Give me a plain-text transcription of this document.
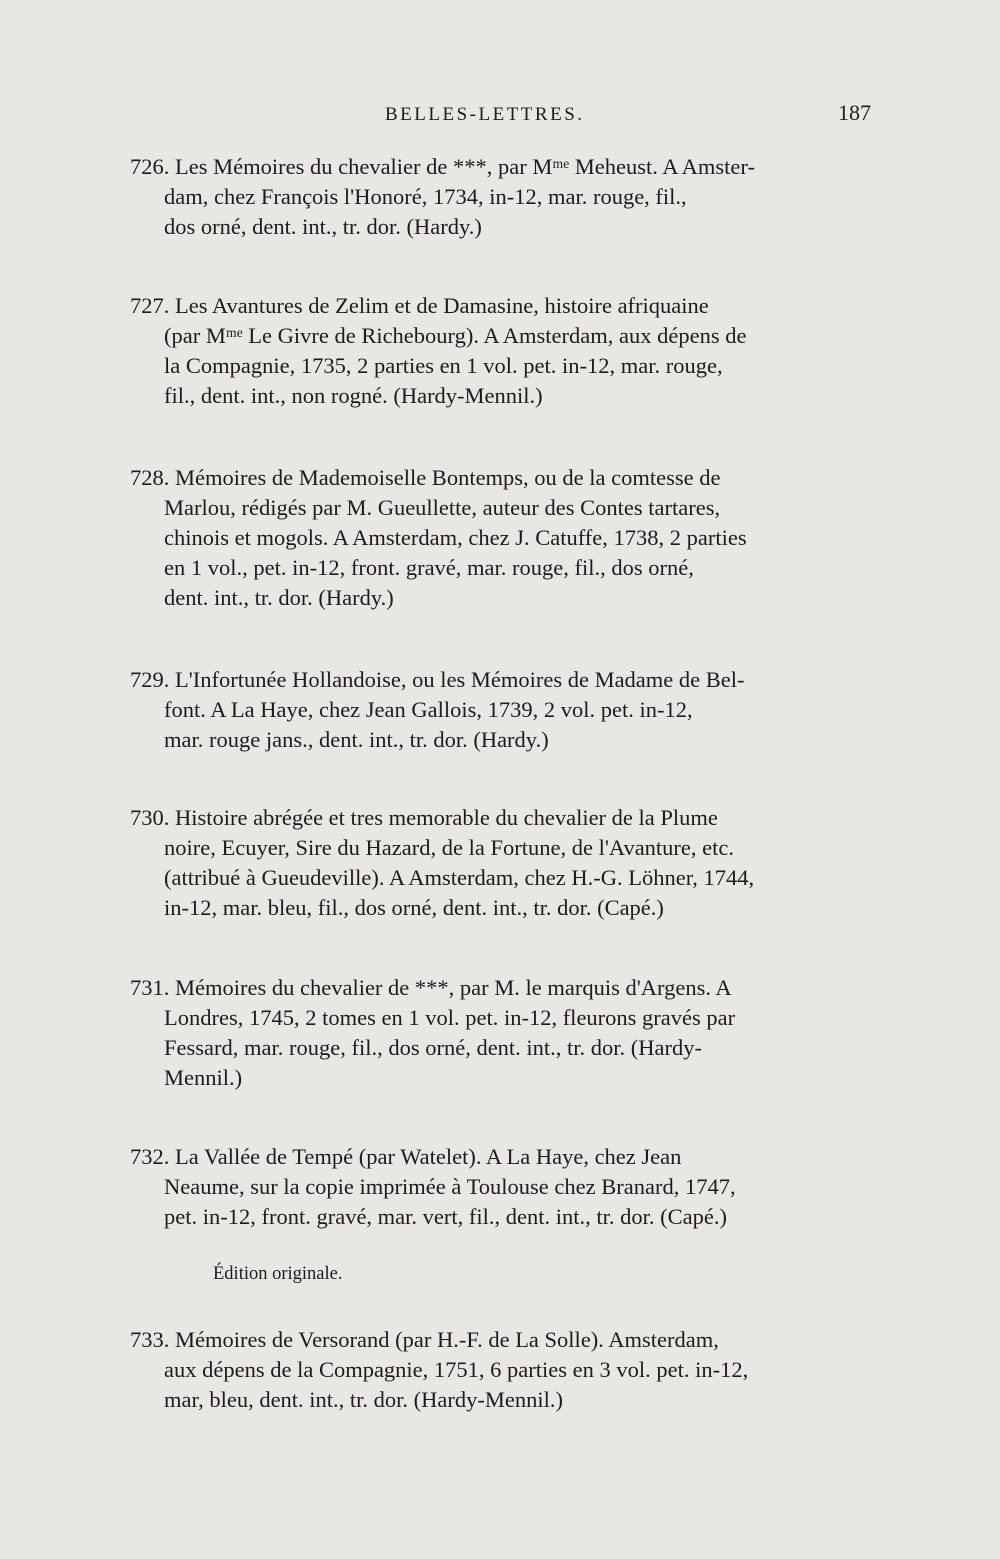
BELLES-LETTRES.	187
726. Les Mémoires du chevalier de ***, par Mᵐᵉ Meheust. A Amster-
dam, chez François l'Honoré, 1734, in-12, mar. rouge, fil.,
dos orné, dent. int., tr. dor. (Hardy.)
727. Les Avantures de Zelim et de Damasine, histoire afriquaine
(par Mᵐᵉ Le Givre de Richebourg). A Amsterdam, aux dépens de
la Compagnie, 1735, 2 parties en 1 vol. pet. in-12, mar. rouge,
fil., dent. int., non rogné. (Hardy-Mennil.)
728. Mémoires de Mademoiselle Bontemps, ou de la comtesse de
Marlou, rédigés par M. Gueullette, auteur des Contes tartares,
chinois et mogols. A Amsterdam, chez J. Catuffe, 1738, 2 parties
en 1 vol., pet. in-12, front. gravé, mar. rouge, fil., dos orné,
dent. int., tr. dor. (Hardy.)
729. L'Infortunée Hollandoise, ou les Mémoires de Madame de Bel-
font. A La Haye, chez Jean Gallois, 1739, 2 vol. pet. in-12,
mar. rouge jans., dent. int., tr. dor. (Hardy.)
730. Histoire abrégée et tres memorable du chevalier de la Plume
noire, Ecuyer, Sire du Hazard, de la Fortune, de l'Avanture, etc.
(attribué à Gueudeville). A Amsterdam, chez H.-G. Löhner, 1744,
in-12, mar. bleu, fil., dos orné, dent. int., tr. dor. (Capé.)
731. Mémoires du chevalier de ***, par M. le marquis d'Argens. A
Londres, 1745, 2 tomes en 1 vol. pet. in-12, fleurons gravés par
Fessard, mar. rouge, fil., dos orné, dent. int., tr. dor. (Hardy-
Mennil.)
732. La Vallée de Tempé (par Watelet). A La Haye, chez Jean
Neaume, sur la copie imprimée à Toulouse chez Branard, 1747,
pet. in-12, front. gravé, mar. vert, fil., dent. int., tr. dor. (Capé.)
Édition originale.
733. Mémoires de Versorand (par H.-F. de La Solle). Amsterdam,
aux dépens de la Compagnie, 1751, 6 parties en 3 vol. pet. in-12,
mar, bleu, dent. int., tr. dor. (Hardy-Mennil.)
